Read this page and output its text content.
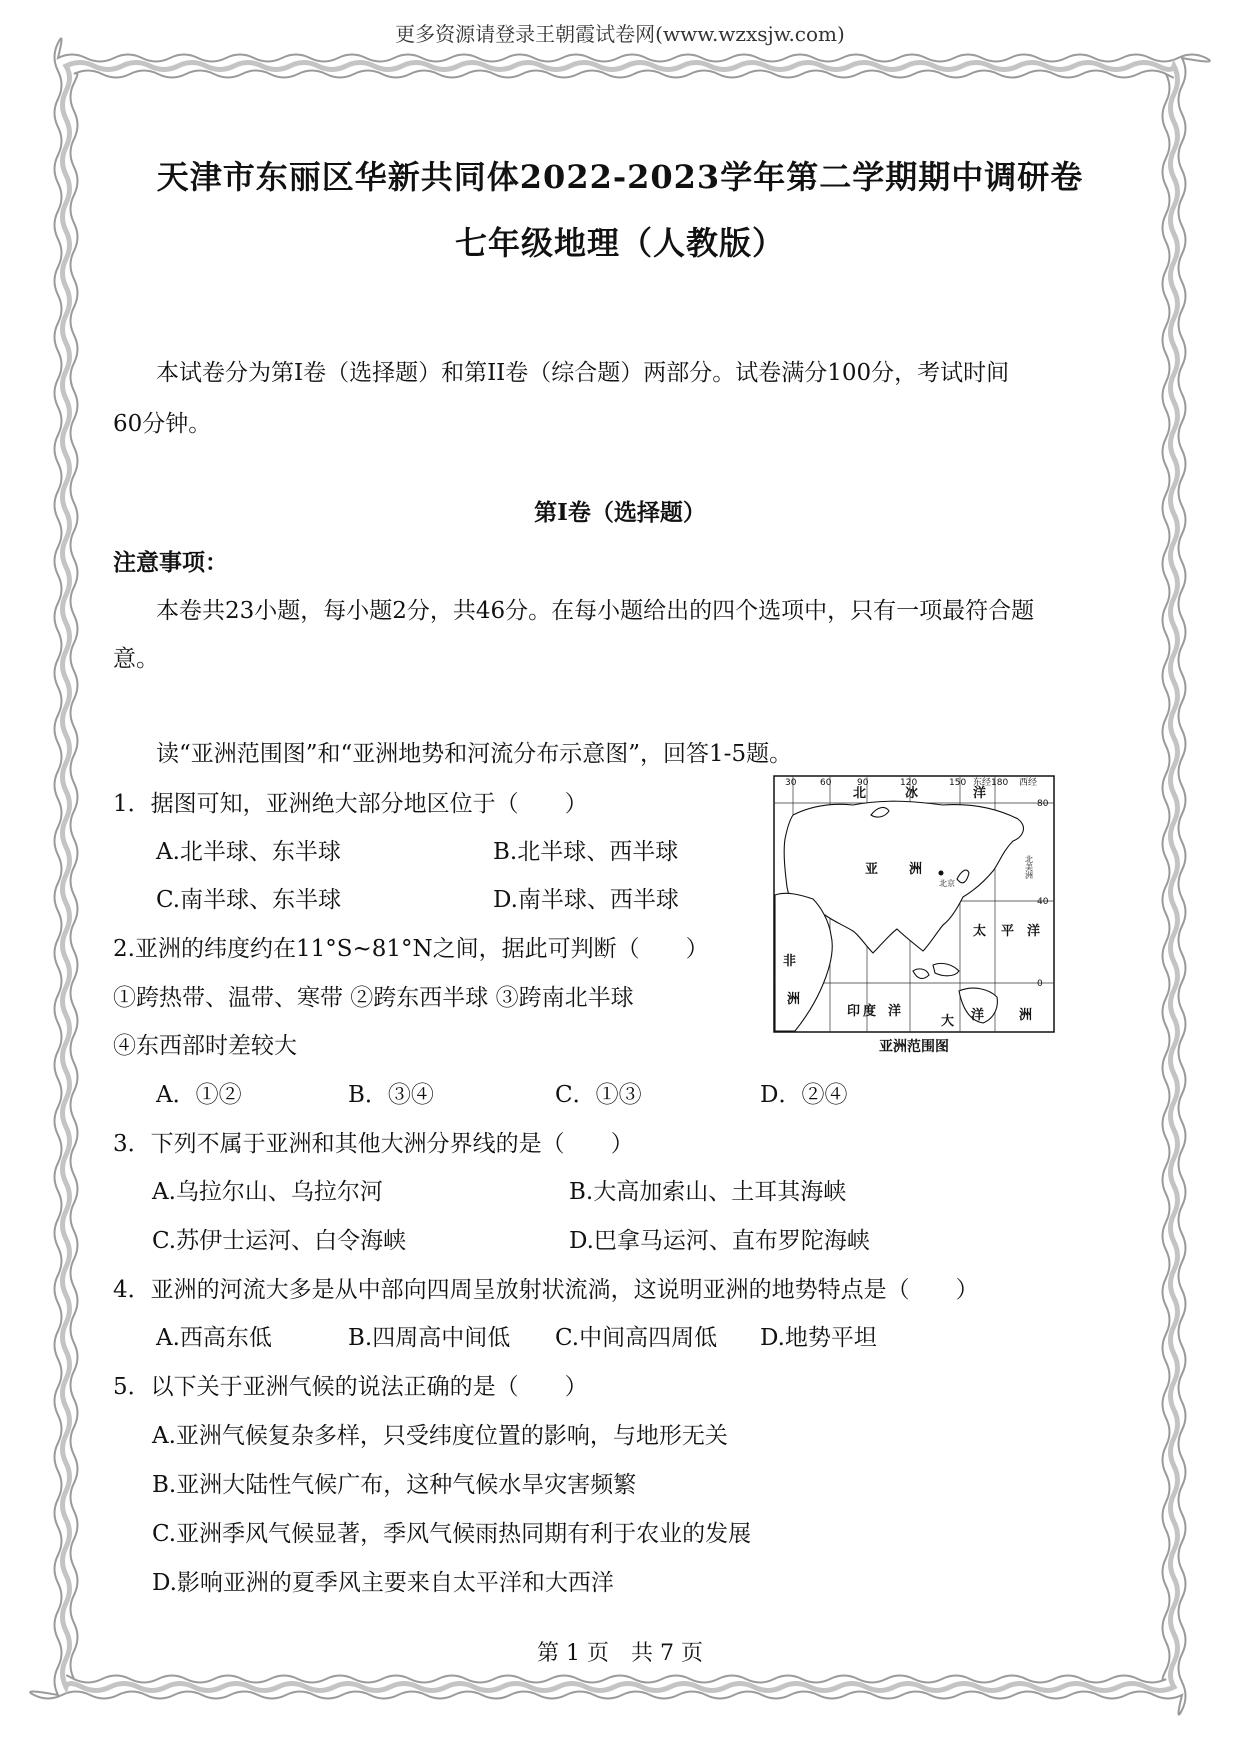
更多资源请登录王朝霞试卷网(www.wzxsjw.com)
天津市东丽区华新共同体2022-2023学年第二学期期中调研卷
七年级地理（人教版）
本试卷分为第I卷（选择题）和第II卷（综合题）两部分。试卷满分100分，考试时间
60分钟。
第I卷（选择题）
注意事项：
本卷共23小题，每小题2分，共46分。在每小题给出的四个选项中，只有一项最符合题
意。
读“亚洲范围图”和“亚洲地势和河流分布示意图”，回答1-5题。
1．据图可知，亚洲绝大部分地区位于（　　）
A.北半球、东半球	B.北半球、西半球
C.南半球、东半球	D.南半球、西半球
2.亚洲的纬度约在11°S~81°N之间，据此可判断（　　）
①跨热带、温带、寒带 ②跨东西半球 ③跨南北半球
④东西部时差较大
A．①②	B．③④	C．①③	D．②④
3．下列不属于亚洲和其他大洲分界线的是（　　）
A.乌拉尔山、乌拉尔河	B.大高加索山、土耳其海峡
C.苏伊士运河、白令海峡	D.巴拿马运河、直布罗陀海峡
4．亚洲的河流大多是从中部向四周呈放射状流淌，这说明亚洲的地势特点是（　　）
A.西高东低	B.四周高中间低 C.中间高四周低 D.地势平坦
5．以下关于亚洲气候的说法正确的是（　　）
A.亚洲气候复杂多样，只受纬度位置的影响，与地形无关
B.亚洲大陆性气候广布，这种气候水旱灾害频繁
C.亚洲季风气候显著，季风气候雨热同期有利于农业的发展
D.影响亚洲的夏季风主要来自太平洋和大西洋
30	60	90	120	150 东经180 西经
80
40
0
北	冰	洋
亚 洲
太 平 洋
非
洲
印 度 洋
大 洋	洲
北京
北美洲
亚洲范围图
第 1 页　共 7 页
